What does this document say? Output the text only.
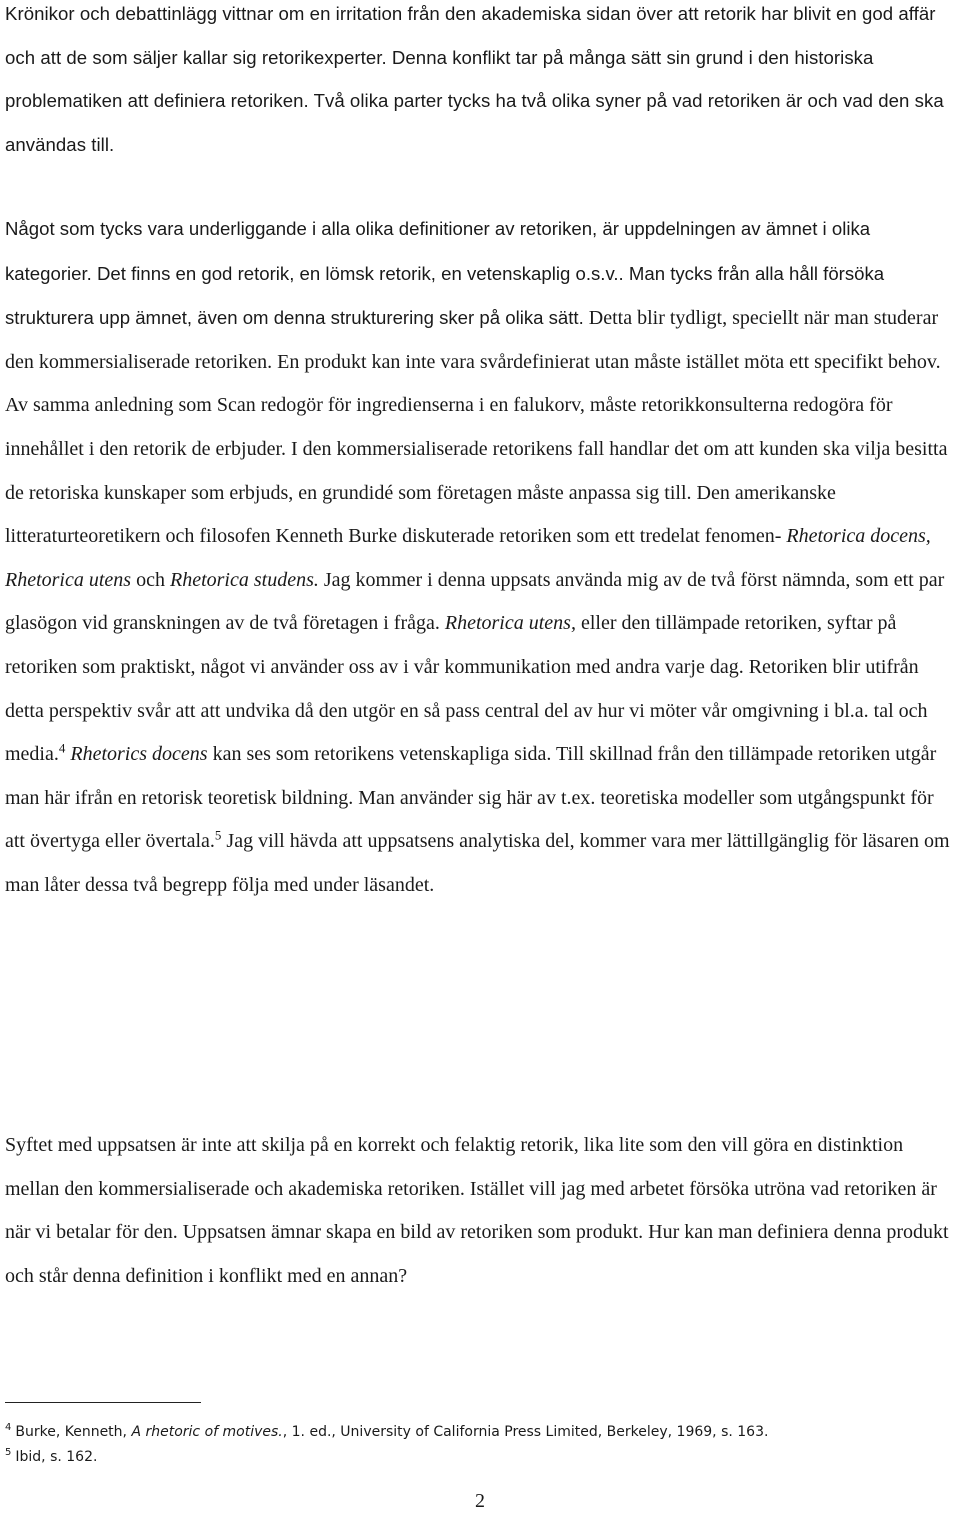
Krönikor och debattinlägg vittnar om en irritation från den akademiska sidan över att retorik har blivit en god affär och att de som säljer kallar sig retorikexperter. Denna konflikt tar på många sätt sin grund i den historiska problematiken att definiera retoriken. Två olika parter tycks ha två olika syner på vad retoriken är och vad den ska användas till.

Något som tycks vara underliggande i alla olika definitioner av retoriken, är uppdelningen av ämnet i olika kategorier. Det finns en god retorik, en lömsk retorik, en vetenskaplig o.s.v.. Man tycks från alla håll försöka strukturera upp ämnet, även om denna strukturering sker på olika sätt. Detta blir tydligt, speciellt när man studerar den kommersialiserade retoriken. En produkt kan inte vara svårdefinierat utan måste istället möta ett specifikt behov. Av samma anledning som Scan redogör för ingredienserna i en falukorv, måste retorikkonsulterna redogöra för innehållet i den retorik de erbjuder. I den kommersialiserade retorikens fall handlar det om att kunden ska vilja besitta de retoriska kunskaper som erbjuds, en grundidé som företagen måste anpassa sig till. Den amerikanske litteraturteoretikern och filosofen Kenneth Burke diskuterade retoriken som ett tredelat fenomen- Rhetorica docens, Rhetorica utens och Rhetorica studens. Jag kommer i denna uppsats använda mig av de två först nämnda, som ett par glasögon vid granskningen av de två företagen i fråga. Rhetorica utens, eller den tillämpade retoriken, syftar på retoriken som praktiskt, något vi använder oss av i vår kommunikation med andra varje dag. Retoriken blir utifrån detta perspektiv svår att att undvika då den utgör en så pass central del av hur vi möter vår omgivning i bl.a. tal och media.$^4$ Rhetorics docens kan ses som retorikens vetenskapliga sida. Till skillnad från den tillämpade retoriken utgår man här ifrån en retorisk teoretisk bildning. Man använder sig här av t.ex. teoretiska modeller som utgångspunkt för att övertyga eller övertala.$^5$ Jag vill hävda att uppsatsens analytiska del, kommer vara mer lättillgänglig för läsaren om man låter dessa två begrepp följa med under läsandet.

Syftet med uppsatsen är inte att skilja på en korrekt och felaktig retorik, lika lite som den vill göra en distinktion mellan den kommersialiserade och akademiska retoriken. Istället vill jag med arbetet försöka utröna vad retoriken är när vi betalar för den. Uppsatsen ämnar skapa en bild av retoriken som produkt. Hur kan man definiera denna produkt och står denna definition i konflikt med en annan?

$^4$ Burke, Kenneth, A rhetoric of motives., 1. ed., University of California Press Limited, Berkeley, 1969, s. 163.
$^5$ Ibid, s. 162.
2
